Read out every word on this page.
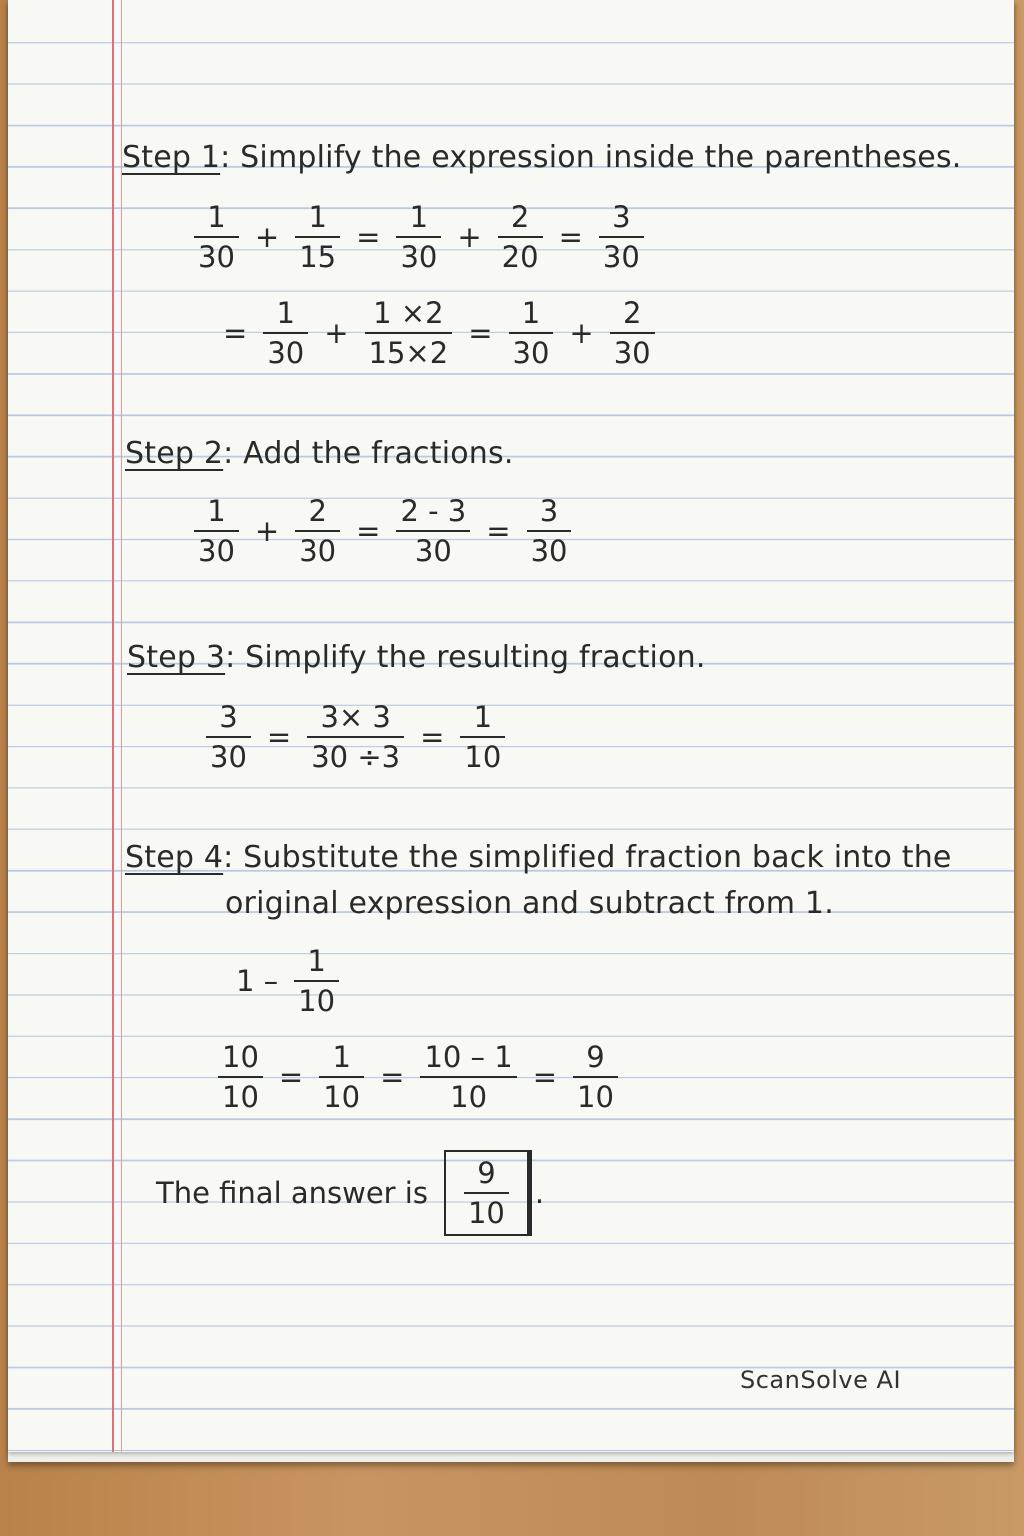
Step 1: Simplify the expression inside the parentheses.
$\frac{1}{30} + \frac{1}{15} = \frac{1}{30} + \frac{2}{20} = \frac{3}{30}$
= $\frac{1}{30} + \frac{1 \times 2}{15\times 2} = \frac{1}{30} + \frac{2}{30}$
Step 2: Add the fractions.
$\frac{1}{30} + \frac{2}{30} = \frac{2 - 3}{30} = \frac{3}{30}$
Step 3: Simplify the resulting fraction.
$\frac{3}{30} = \frac{3\times 3}{30 \div 3} = \frac{1}{10}$
Step 4: Substitute the simplified fraction back into the
original expression and subtract from 1.
$1 - \frac{1}{10}$
$\frac{10}{10} = \frac{1}{10} = \frac{10 - 1}{10} = \frac{9}{10}$
The final answer is $\frac{9}{10}$ .
ScanSolve AI
